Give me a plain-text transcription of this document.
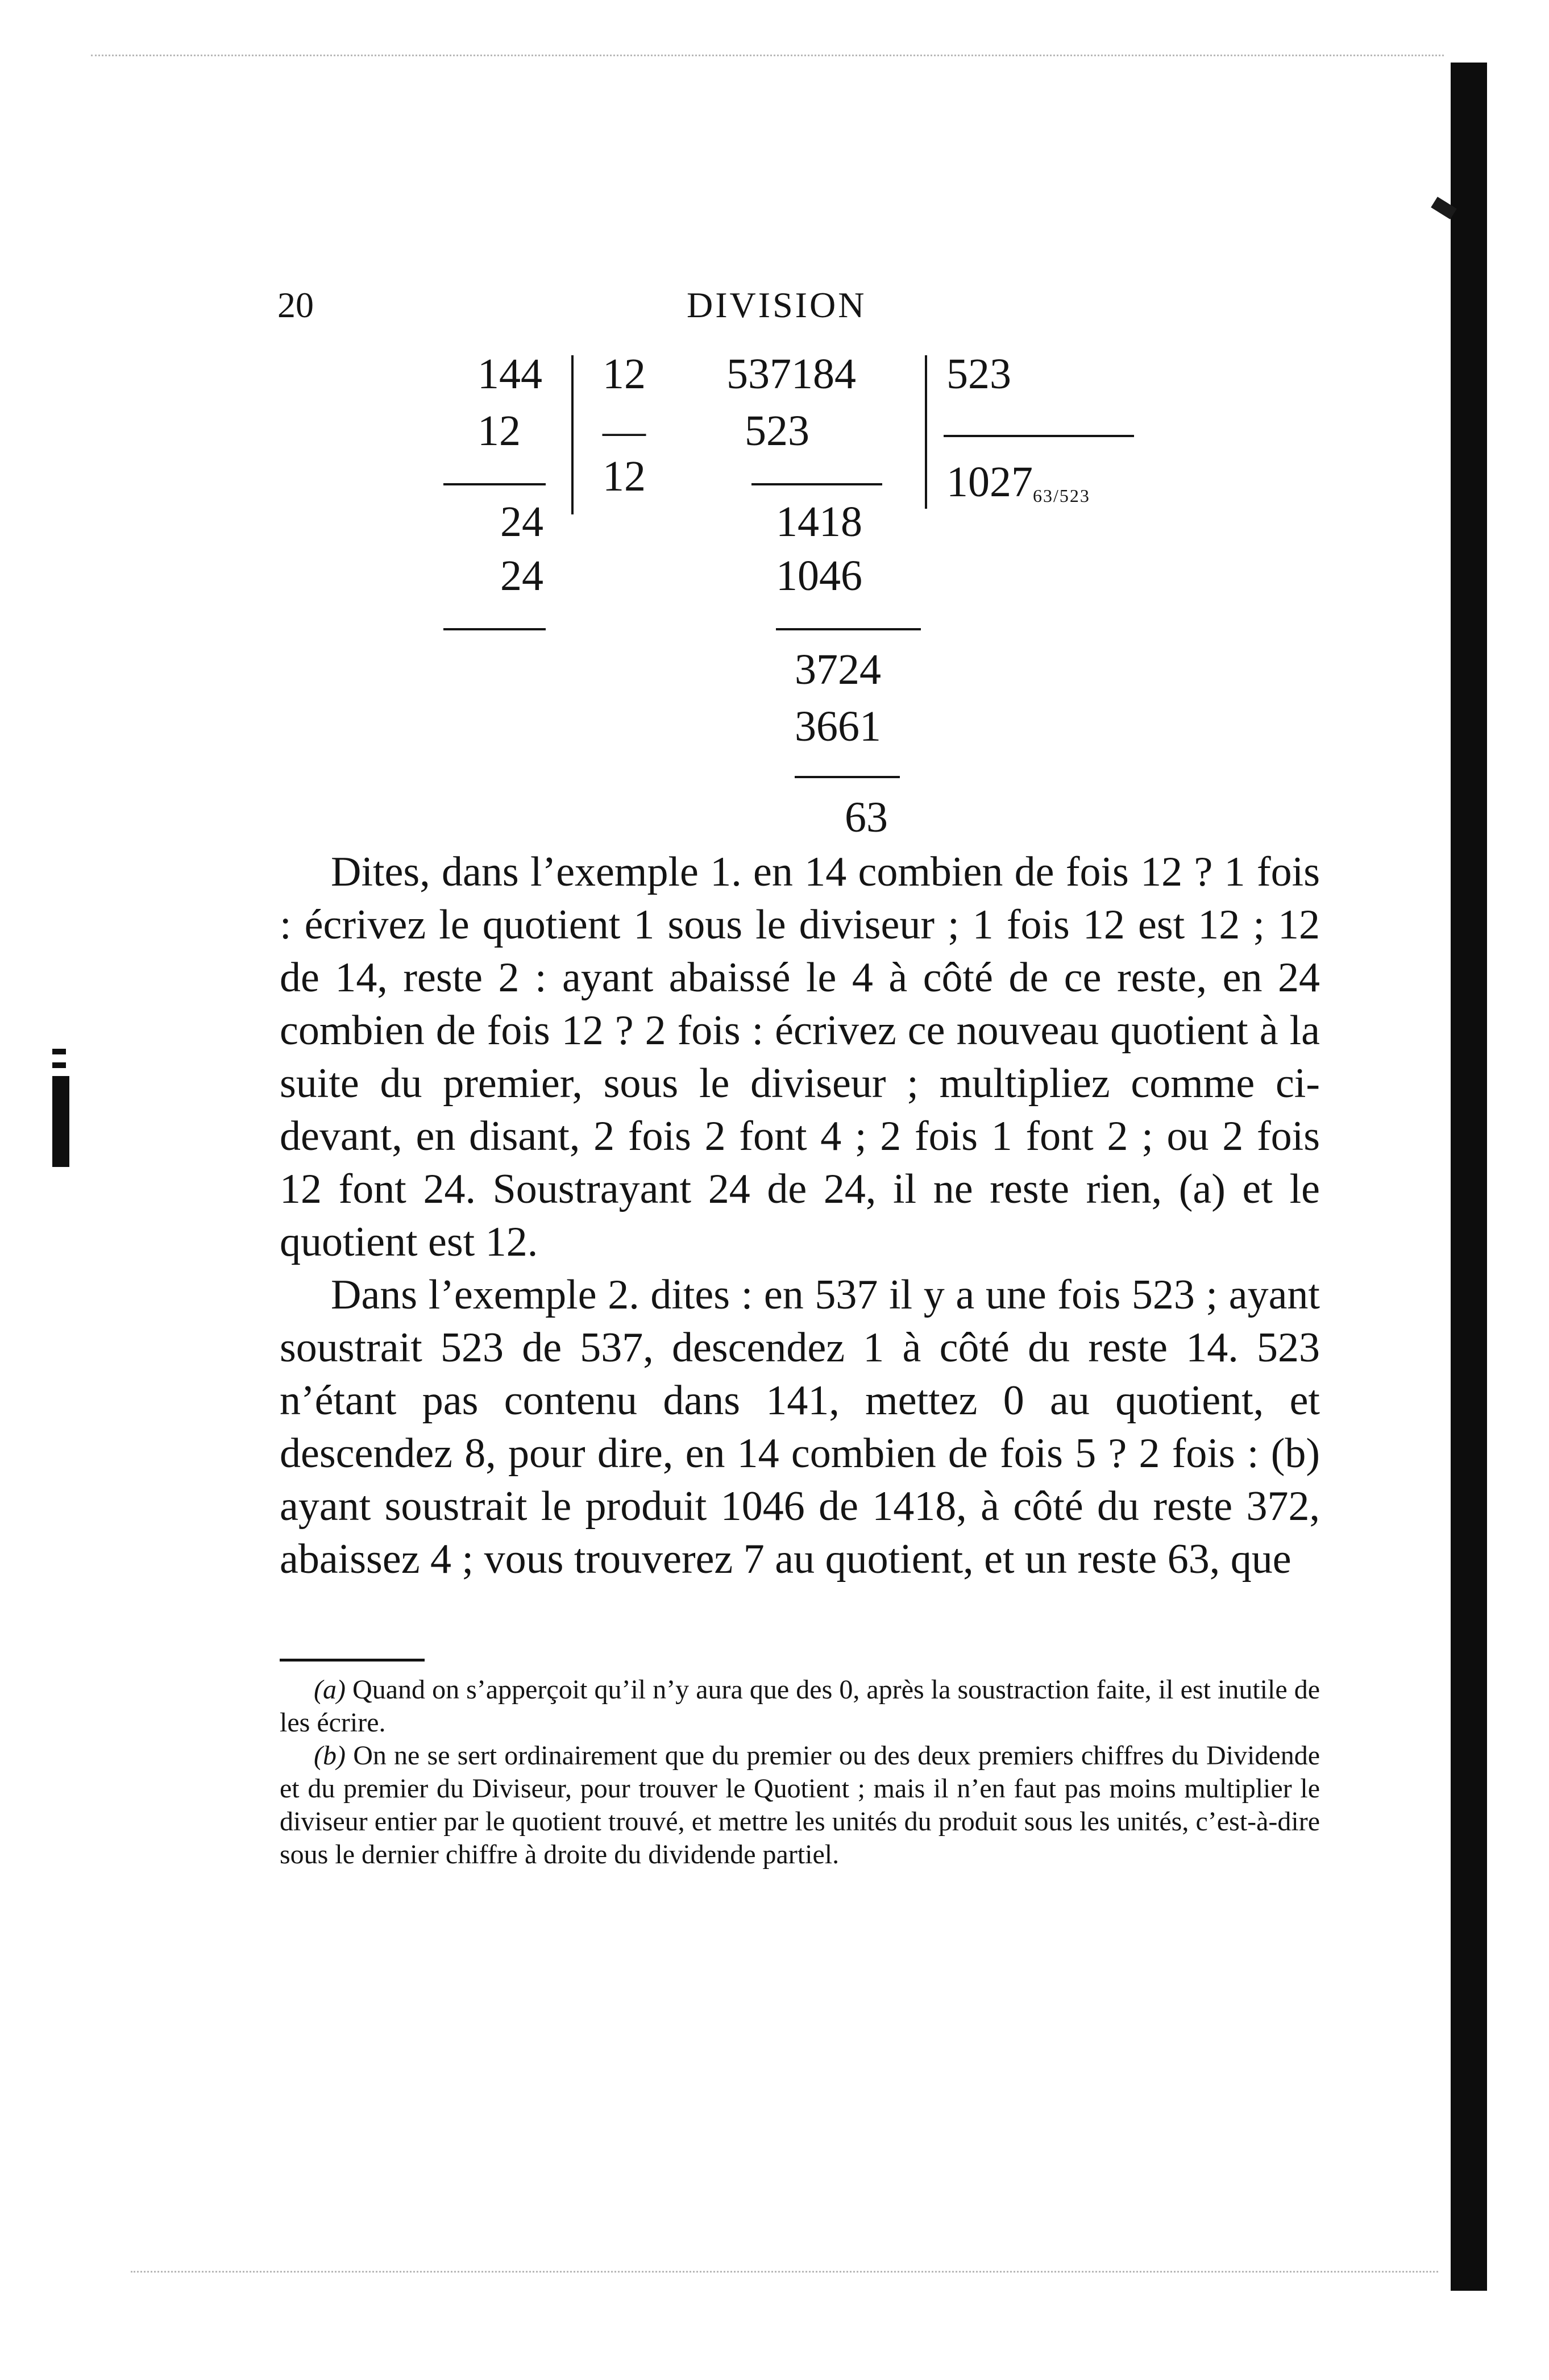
20	DIVISION
144
12
24
24
12
—
12
537184
523
1418
1046
3724
3661
63
523
102763/523

Dites, dans l’exemple 1. en 14 combien de fois 12 ? 1 fois : écrivez le quotient 1 sous le diviseur ; 1 fois 12 est 12 ; 12 de 14, reste 2 : ayant abaissé le 4 à côté de ce reste, en 24 combien de fois 12 ? 2 fois : écrivez ce nouveau quotient à la suite du premier, sous le diviseur ; multipliez comme ci-devant, en disant, 2 fois 2 font 4 ; 2 fois 1 font 2 ; ou 2 fois 12 font 24. Soustrayant 24 de 24, il ne reste rien, (a) et le quotient est 12.

Dans l’exemple 2. dites : en 537 il y a une fois 523 ; ayant soustrait 523 de 537, descendez 1 à côté du reste 14. 523 n’étant pas contenu dans 141, mettez 0 au quotient, et descendez 8, pour dire, en 14 combien de fois 5 ? 2 fois : (b) ayant soustrait le produit 1046 de 1418, à côté du reste 372, abaissez 4 ; vous trouverez 7 au quotient, et un reste 63, que

(a) Quand on s’apperçoit qu’il n’y aura que des 0, après la soustraction faite, il est inutile de les écrire.

(b) On ne se sert ordinairement que du premier ou des deux premiers chiffres du Dividende et du premier du Diviseur, pour trouver le Quotient ; mais il n’en faut pas moins multiplier le diviseur entier par le quotient trouvé, et mettre les unités du produit sous les unités, c’est-à-dire sous le dernier chiffre à droite du dividende partiel.
